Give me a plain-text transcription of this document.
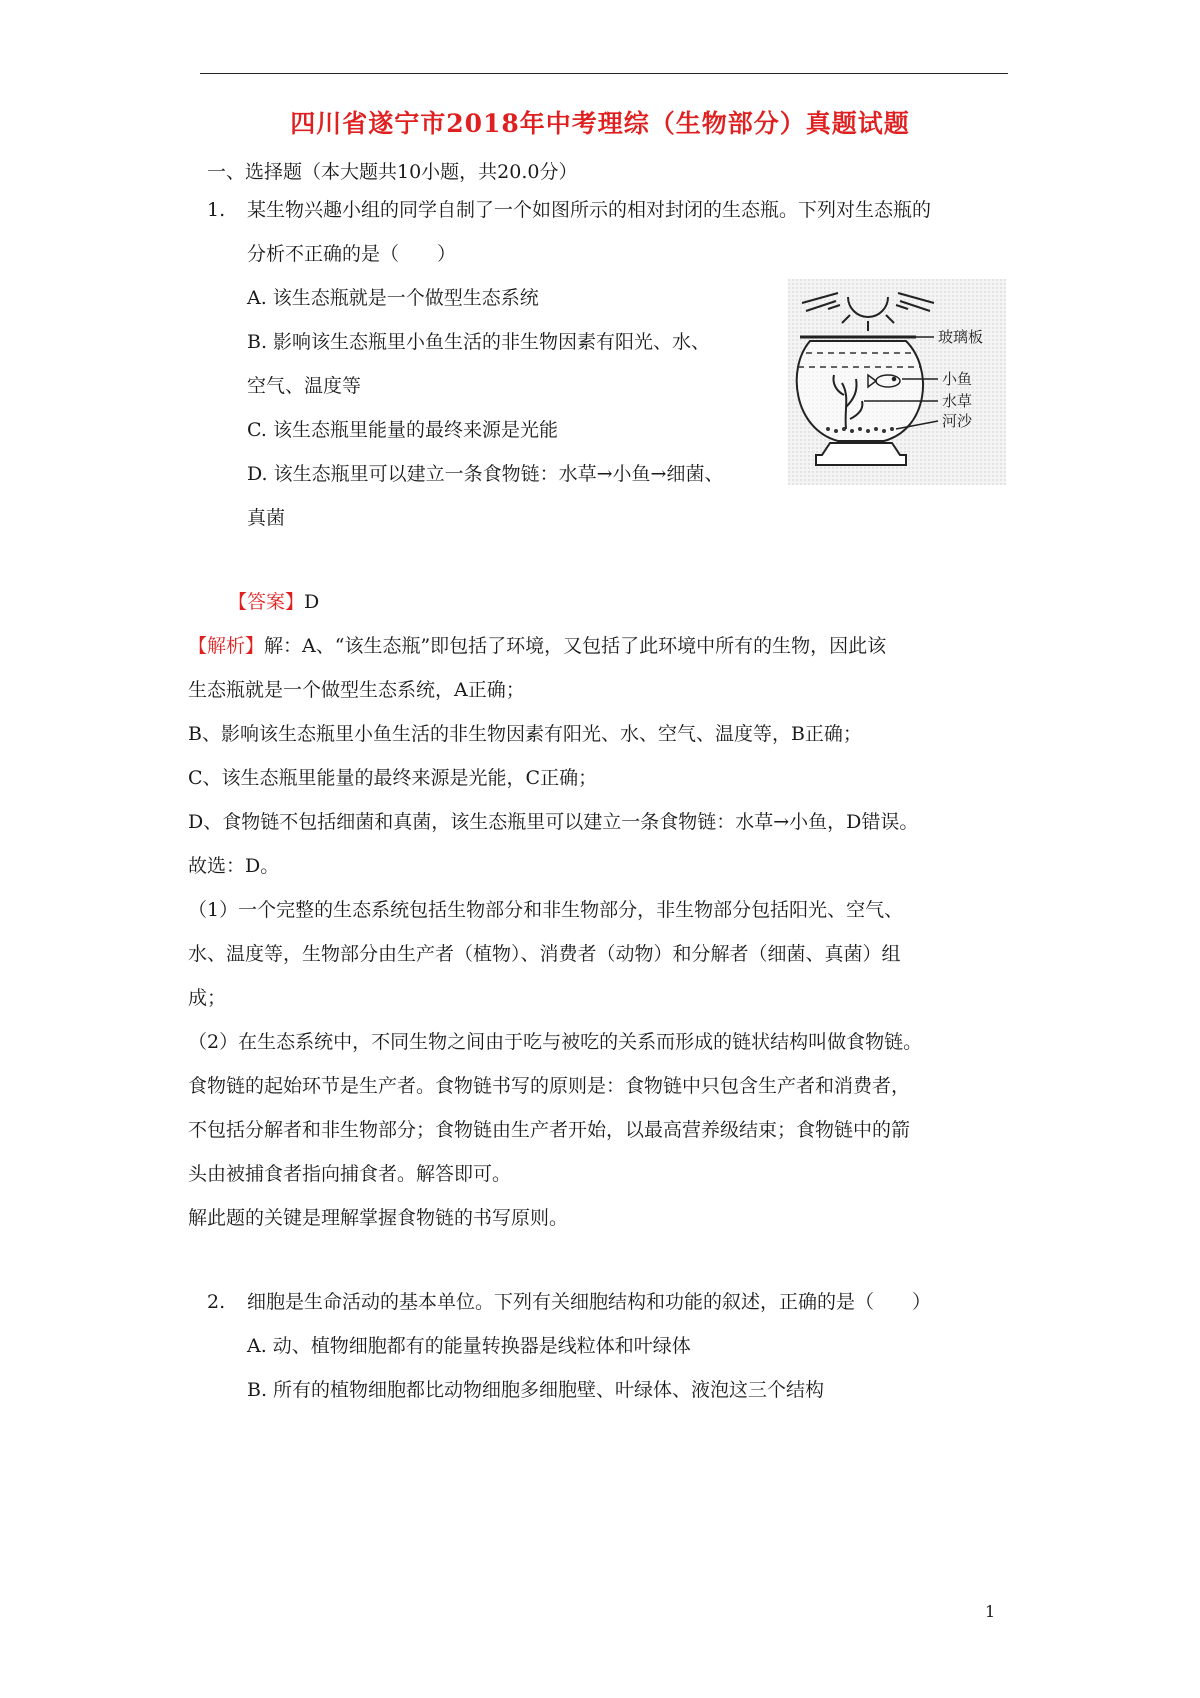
四川省遂宁市2018年中考理综（生物部分）真题试题
一、选择题（本大题共10小题，共20.0分）
1. 某生物兴趣小组的同学自制了一个如图所示的相对封闭的生态瓶。下列对生态瓶的
分析不正确的是（　　）
A. 该生态瓶就是一个做型生态系统
B. 影响该生态瓶里小鱼生活的非生物因素有阳光、水、
空气、温度等
C. 该生态瓶里能量的最终来源是光能
D. 该生态瓶里可以建立一条食物链：水草→小鱼→细菌、
真菌
玻璃板
小鱼
水草
河沙
【答案】D
【解析】解：A、“该生态瓶”即包括了环境，又包括了此环境中所有的生物，因此该
生态瓶就是一个做型生态系统，A正确；
B、影响该生态瓶里小鱼生活的非生物因素有阳光、水、空气、温度等，B正确；
C、该生态瓶里能量的最终来源是光能，C正确；
D、食物链不包括细菌和真菌，该生态瓶里可以建立一条食物链：水草→小鱼，D错误。
故选：D。
（1）一个完整的生态系统包括生物部分和非生物部分，非生物部分包括阳光、空气、
水、温度等，生物部分由生产者（植物）、消费者（动物）和分解者（细菌、真菌）组
成；
（2）在生态系统中，不同生物之间由于吃与被吃的关系而形成的链状结构叫做食物链。
食物链的起始环节是生产者。食物链书写的原则是：食物链中只包含生产者和消费者，
不包括分解者和非生物部分；食物链由生产者开始，以最高营养级结束；食物链中的箭
头由被捕食者指向捕食者。解答即可。
解此题的关键是理解掌握食物链的书写原则。
2. 细胞是生命活动的基本单位。下列有关细胞结构和功能的叙述，正确的是（　　）
A. 动、植物细胞都有的能量转换器是线粒体和叶绿体
B. 所有的植物细胞都比动物细胞多细胞壁、叶绿体、液泡这三个结构
1
